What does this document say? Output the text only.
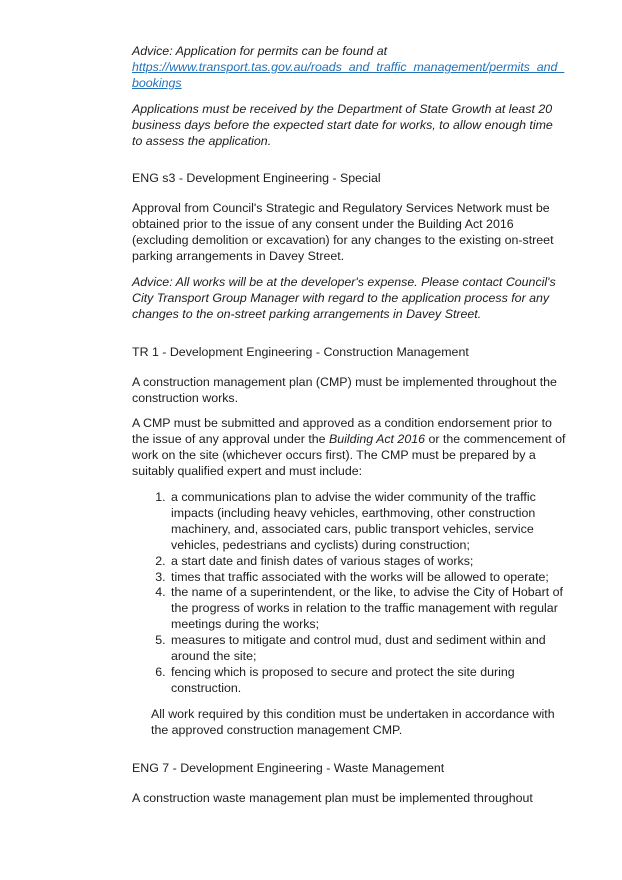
Advice: Application for permits can be found at
https://www.transport.tas.gov.au/roads_and_traffic_management/permits_and_bookings

Applications must be received by the Department of State Growth at least 20 business days before the expected start date for works, to allow enough time to assess the application.

ENG s3 - Development Engineering - Special

Approval from Council's Strategic and Regulatory Services Network must be obtained prior to the issue of any consent under the Building Act 2016 (excluding demolition or excavation) for any changes to the existing on-street parking arrangements in Davey Street.

Advice: All works will be at the developer's expense. Please contact Council's City Transport Group Manager with regard to the application process for any changes to the on-street parking arrangements in Davey Street.

TR 1 - Development Engineering - Construction Management

A construction management plan (CMP) must be implemented throughout the construction works.

A CMP must be submitted and approved as a condition endorsement prior to the issue of any approval under the Building Act 2016 or the commencement of work on the site (whichever occurs first). The CMP must be prepared by a suitably qualified expert and must include:

1. a communications plan to advise the wider community of the traffic impacts (including heavy vehicles, earthmoving, other construction machinery, and, associated cars, public transport vehicles, service vehicles, pedestrians and cyclists) during construction;
2. a start date and finish dates of various stages of works;
3. times that traffic associated with the works will be allowed to operate;
4. the name of a superintendent, or the like, to advise the City of Hobart of the progress of works in relation to the traffic management with regular meetings during the works;
5. measures to mitigate and control mud, dust and sediment within and around the site;
6. fencing which is proposed to secure and protect the site during construction.

All work required by this condition must be undertaken in accordance with the approved construction management CMP.

ENG 7 - Development Engineering - Waste Management

A construction waste management plan must be implemented throughout
